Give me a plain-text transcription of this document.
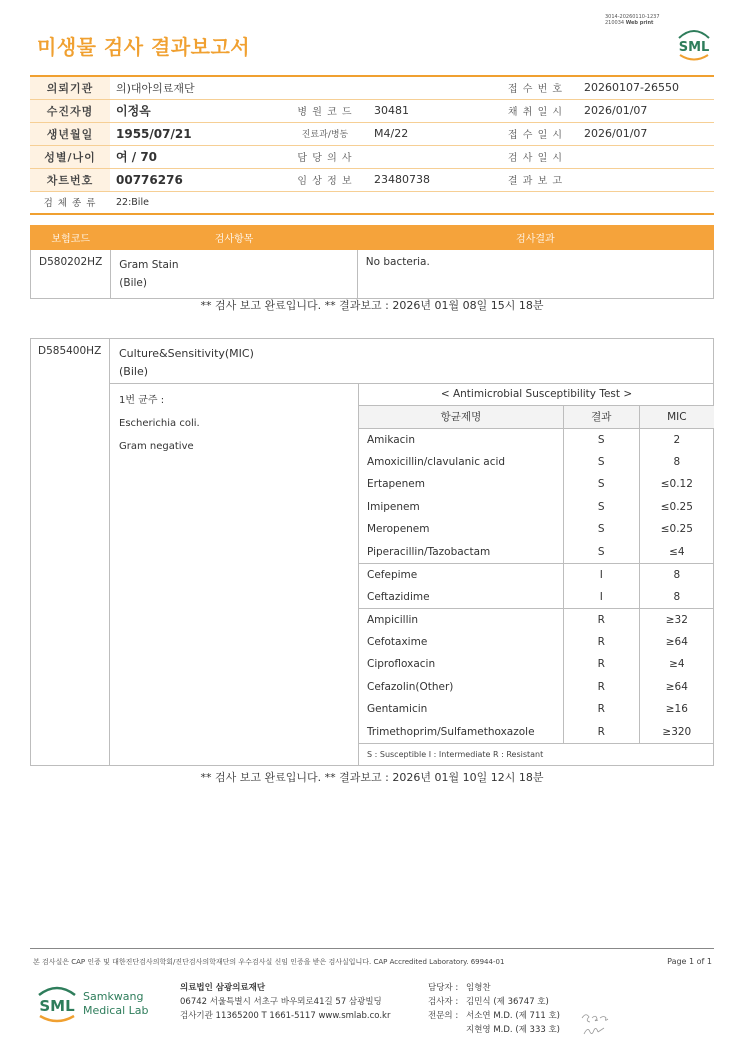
3014-20260110-1237
210034 Web print
미생물 검사 결과보고서	SML
의뢰기관	의)대아의료재단			접 수 번 호	20260107-26550
수진자명	이정옥	병 원 코 드	30481	채 취 일 시	2026/01/07
생년월일	1955/07/21	진료과/병동	M4/22	접 수 일 시	2026/01/07
성별/나이	여 / 70	담 당 의 사		검 사 일 시	
차트번호	00776276	임 상 정 보	23480738	결 과 보 고	
검 체 종 류	22:Bile				
보험코드	검사항목	검사결과
D580202HZ	Gram Stain
(Bile)	No bacteria.
** 검사 보고 완료입니다. ** 결과보고 : 2026년 01월 08일 15시 18분
D585400HZ Culture&Sensitivity(MIC)
(Bile)
1번 균주 :
Escherichia coli.
Gram negative
< Antimicrobial Susceptibility Test >		
항균제명	결과	MIC
Amikacin	S	2
Amoxicillin/clavulanic acid	S	8
Ertapenem	S	≤0.12
Imipenem	S	≤0.25
Meropenem	S	≤0.25
Piperacillin/Tazobactam	S	≤4
Cefepime	I	8
Ceftazidime	I	8
Ampicillin	R	≥32
Cefotaxime	R	≥64
Ciprofloxacin	R	≥4
Cefazolin(Other)	R	≥64
Gentamicin	R	≥16
Trimethoprim/Sulfamethoxazole	R	≥320
S : Susceptible I : Intermediate R : Resistant		
** 검사 보고 완료입니다. ** 결과보고 : 2026년 01월 10일 12시 18분
본 검사실은 CAP 인증 및 대한진단검사의학회/진단검사의학재단의 우수검사실 신임 인증을 받은 검사실입니다. CAP Accredited Laboratory. 69944-01	Page 1 of 1
SML
Samkwang
Medical Lab
의료법인 삼광의료재단
06742 서울특별시 서초구 바우뫼로41길 57 삼광빌딩
검사기관 11365200 T 1661-5117 www.smlab.co.kr
담당자 : 임형찬
검사자 : 김민식 (제 36747 호)
전문의 : 서소연 M.D. (제 711 호)
지현영 M.D. (제 333 호)
